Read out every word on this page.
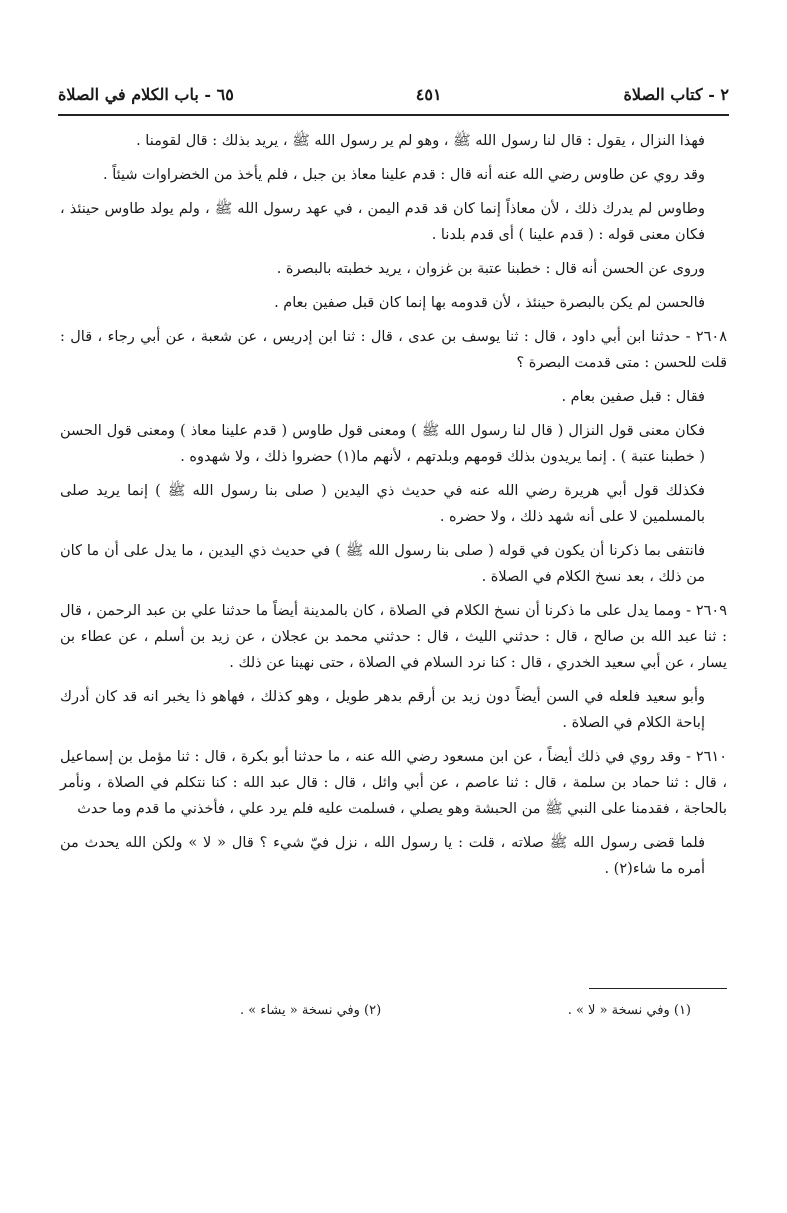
٢ - كتاب الصلاة
٤٥١
٦٥ - باب الكلام في الصلاة

فهذا النزال ، يقول : قال لنا رسول الله ﷺ ، وهو لم ير رسول الله ﷺ ، يريد بذلك : قال لقومنا .

وقد روي عن طاوس رضي الله عنه أنه قال : قدم علينا معاذ بن جبل ، فلم يأخذ من الخضراوات شيئاً .

وطاوس لم يدرك ذلك ، لأن معاذاً إنما كان قد قدم اليمن ، في عهد رسول الله ﷺ ، ولم يولد طاوس حينئذ ، فكان معنى قوله : ( قدم علينا ) أى قدم بلدنا .

وروى عن الحسن أنه قال : خطبنا عتبة بن غزوان ، يريد خطبته بالبصرة .

فالحسن لم يكن بالبصرة حينئذ ، لأن قدومه بها إنما كان قبل صفين بعام .

٢٦٠٨ - حدثنا ابن أبي داود ، قال : ثنا يوسف بن عدى ، قال : ثنا ابن إدريس ، عن شعبة ، عن أبي رجاء ، قال : قلت للحسن : متى قدمت البصرة ؟

فقال : قبل صفين بعام .

فكان معنى قول النزال ( قال لنا رسول الله ﷺ ) ومعنى قول طاوس ( قدم علينا معاذ ) ومعنى قول الحسن ( خطبنا عتبة ) . إنما يريدون بذلك قومهم وبلدتهم ، لأنهم ما(١) حضروا ذلك ، ولا شهدوه .

فكذلك قول أبي هريرة رضي الله عنه في حديث ذي اليدين ( صلى بنا رسول الله ﷺ ) إنما يريد صلى بالمسلمين لا على أنه شهد ذلك ، ولا حضره .

فانتفى بما ذكرنا أن يكون في قوله ( صلى بنا رسول الله ﷺ ) في حديث ذي اليدين ، ما يدل على أن ما كان من ذلك ، بعد نسخ الكلام في الصلاة .

٢٦٠٩ - ومما يدل على ما ذكرنا أن نسخ الكلام في الصلاة ، كان بالمدينة أيضاً ما حدثنا علي بن عبد الرحمن ، قال : ثنا عبد الله بن صالح ، قال : حدثني الليث ، قال : حدثني محمد بن عجلان ، عن زيد بن أسلم ، عن عطاء بن يسار ، عن أبي سعيد الخدري ، قال : كنا نرد السلام في الصلاة ، حتى نهينا عن ذلك .

وأبو سعيد فلعله في السن أيضاً دون زيد بن أرقم بدهر طويل ، وهو كذلك ، فهاهو ذا يخبر انه قد كان أدرك إباحة الكلام في الصلاة .

٢٦١٠ - وقد روي في ذلك أيضاً ، عن ابن مسعود رضي الله عنه ، ما حدثنا أبو بكرة ، قال : ثنا مؤمل بن إسماعيل ، قال : ثنا حماد بن سلمة ، قال : ثنا عاصم ، عن أبي وائل ، قال : قال عبد الله : كنا نتكلم في الصلاة ، ونأمر بالحاجة ، فقدمنا على النبي ﷺ من الحبشة وهو يصلي ، فسلمت عليه فلم يرد علي ، فأخذني ما قدم وما حدث

فلما قضى رسول الله ﷺ صلاته ، قلت : يا رسول الله ، نزل فيّ شيء ؟ قال « لا » ولكن الله يحدث من أمره ما شاء(٢) .

(١) وفي نسخة « لا » .
(٢) وفي نسخة « يشاء » .
